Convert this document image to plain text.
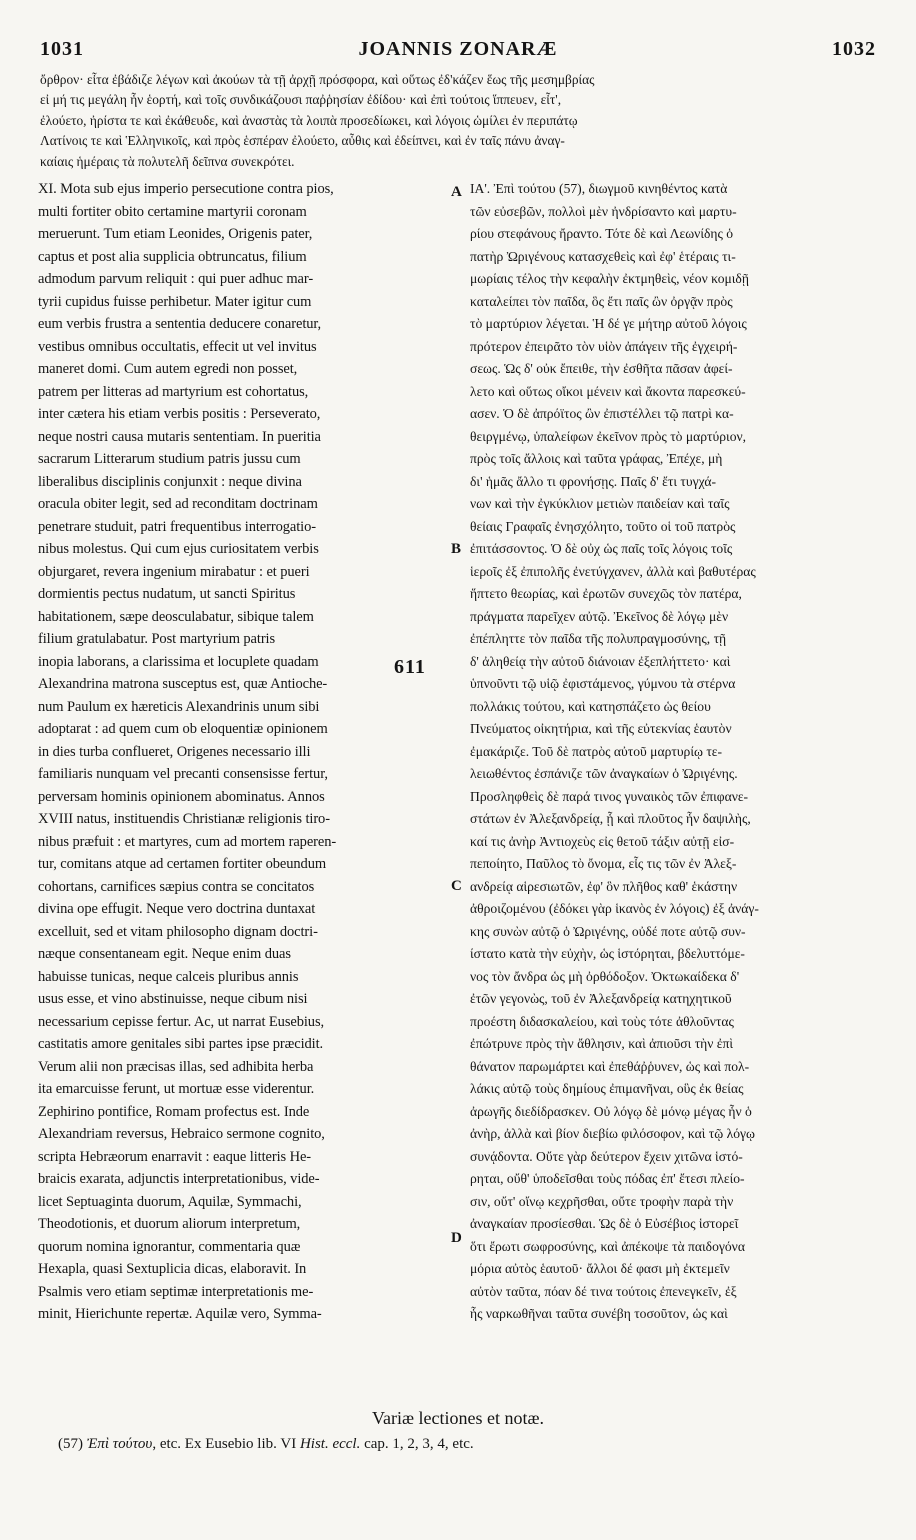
1031	JOANNIS ZONARÆ	1032
ὄρθρον· εἶτα ἐβάδιζε λέγων καὶ ἀκούων τὰ τῇ ἀρχῇ πρόσφορα, καὶ οὕτως ἐδ'κάζεν ἕως τῆς μεσημβρίας
εἰ μή τις μεγάλη ἦν ἑορτή, καὶ τοῖς συνδικάζουσι παῤῥησίαν ἐδίδου· καὶ ἐπὶ τούτοις ἵππευεν, εἶτ',
ἐλούετο, ἠρίστα τε καὶ ἐκάθευδε, καὶ ἀναστὰς τὰ λοιπὰ προσεδίωκει, καὶ λόγοις ὡμίλει ἐν περιπάτῳ
Λατίνοις τε καὶ Ἑλληνικοῖς, καὶ πρὸς ἑσπέραν ἐλούετο, αὖθις καὶ ἐδείπνει, καὶ ἐν ταῖς πάνυ ἀναγ-
καίαις ἡμέραις τὰ πολυτελῆ δεῖπνα συνεκρότει.
XI. Mota sub ejus imperio persecutione contra pios,
multi fortiter obito certamine martyrii coronam
meruerunt. Tum etiam Leonides, Origenis pater,
captus et post alia supplicia obtruncatus, filium
admodum parvum reliquit : qui puer adhuc mar-
tyrii cupidus fuisse perhibetur. Mater igitur cum
eum verbis frustra a sententia deducere conaretur,
vestibus omnibus occultatis, effecit ut vel invitus
maneret domi. Cum autem egredi non posset,
patrem per litteras ad martyrium est cohortatus,
inter cætera his etiam verbis positis : Perseverato,
neque nostri causa mutaris sententiam. In pueritia
sacrarum Litterarum studium patris jussu cum
liberalibus disciplinis conjunxit : neque divina
oracula obiter legit, sed ad reconditam doctrinam
penetrare studuit, patri frequentibus interrogatio-
nibus molestus. Qui cum ejus curiositatem verbis
objurgaret, revera ingenium mirabatur : et pueri
dormientis pectus nudatum, ut sancti Spiritus
habitationem, sæpe deosculabatur, sibique talem
filium gratulabatur. Post martyrium patris
inopia laborans, a clarissima et locuplete quadam
Alexandrina matrona susceptus est, quæ Antioche-
num Paulum ex hæreticis Alexandrinis unum sibi
adoptarat : ad quem cum ob eloquentiæ opinionem
in dies turba conflueret, Origenes necessario illi
familiaris nunquam vel precanti consensisse fertur,
perversam hominis opinionem abominatus. Annos
XVIII natus, instituendis Christianæ religionis tiro-
nibus præfuit : et martyres, cum ad mortem raperen-
tur, comitans atque ad certamen fortiter obeundum
cohortans, carnifices sæpius contra se concitatos
divina ope effugit. Neque vero doctrina duntaxat
excelluit, sed et vitam philosopho dignam doctri-
næque consentaneam egit. Neque enim duas
habuisse tunicas, neque calceis pluribus annis
usus esse, et vino abstinuisse, neque cibum nisi
necessarium cepisse fertur. Ac, ut narrat Eusebius,
castitatis amore genitales sibi partes ipse præcidit.
Verum alii non præcisas illas, sed adhibita herba
ita emarcuisse ferunt, ut mortuæ esse viderentur.
Zephirino pontifice, Romam profectus est. Inde
Alexandriam reversus, Hebraico sermone cognito,
scripta Hebræorum enarravit : eaque litteris He-
braicis exarata, adjunctis interpretationibus, vide-
licet Septuaginta duorum, Aquilæ, Symmachi,
Theodotionis, et duorum aliorum interpretum,
quorum nomina ignorantur, commentaria quæ
Hexapla, quasi Sextuplicia dicas, elaboravit. In
Psalmis vero etiam septimæ interpretationis me-
minit, Hierichunte repertæ. Aquilæ vero, Symma-
ΙΑ'. Ἐπὶ τούτου (57), διωγμοῦ κινηθέντος κατὰ
τῶν εὐσεβῶν, πολλοὶ μὲν ἠνδρίσαντο καὶ μαρτυ-
ρίου στεφάνους ἤραντο. Τότε δὲ καὶ Λεωνίδης ὁ
πατὴρ Ὠριγένους κατασχεθεὶς καὶ ἐφ' ἑτέραις τι-
μωρίαις τέλος τὴν κεφαλὴν ἐκτμηθεὶς, νέον κομιδῇ
καταλείπει τὸν παῖδα, ὃς ἔτι παῖς ὢν ὀργᾷν πρὸς
τὸ μαρτύριον λέγεται. Ἡ δέ γε μήτηρ αὐτοῦ λόγοις
πρότερον ἐπειρᾶτο τὸν υἱὸν ἀπάγειν τῆς ἐγχειρή-
σεως. Ὡς δ' οὐκ ἔπειθε, τὴν ἐσθῆτα πᾶσαν ἀφεί-
λετο καὶ οὕτως οἴκοι μένειν καὶ ἄκοντα παρεσκεύ-
ασεν. Ὁ δὲ ἀπρόϊτος ὢν ἐπιστέλλει τῷ πατρὶ κα-
θειργμένῳ, ὑπαλείφων ἐκεῖνον πρὸς τὸ μαρτύριον,
πρὸς τοῖς ἄλλοις καὶ ταῦτα γράφας, Ἐπέχε, μὴ
δι' ἡμᾶς ἄλλο τι φρονήσῃς. Παῖς δ' ἔτι τυγχά-
νων καὶ τὴν ἐγκύκλιον μετιὼν παιδείαν καὶ ταῖς
θείαις Γραφαῖς ἐνησχόλητο, τοῦτο οἱ τοῦ πατρὸς
ἐπιτάσσοντος. Ὁ δὲ οὐχ ὡς παῖς τοῖς λόγοις τοῖς
ἱεροῖς ἐξ ἐπιπολῆς ἐνετύγχανεν, ἀλλὰ καὶ βαθυτέρας
ἥπτετο θεωρίας, καὶ ἐρωτῶν συνεχῶς τὸν πατέρα,
πράγματα παρεῖχεν αὐτῷ. Ἐκεῖνος δὲ λόγῳ μὲν
ἐπέπληττε τὸν παῖδα τῆς πολυπραγμοσύνης, τῇ
δ' ἀληθείᾳ τὴν αὐτοῦ διάνοιαν ἐξεπλήττετο· καὶ
ὑπνοῦντι τῷ υἱῷ ἐφιστάμενος, γύμνου τὰ στέρνα
πολλάκις τούτου, καὶ κατησπάζετο ὡς θείου
Πνεύματος οἰκητήρια, καὶ τῆς εὐτεκνίας ἑαυτὸν
ἐμακάριζε. Τοῦ δὲ πατρὸς αὐτοῦ μαρτυρίῳ τε-
λειωθέντος ἐσπάνιζε τῶν ἀναγκαίων ὁ Ὠριγένης.
Προσληφθεὶς δὲ παρά τινος γυναικὸς τῶν ἐπιφανε-
στάτων ἐν Ἀλεξανδρείᾳ, ᾗ καὶ πλοῦτος ἦν δαψιλὴς,
καί τις ἀνὴρ Ἀντιοχεὺς εἰς θετοῦ τάξιν αὐτῇ εἰσ-
πεποίητο, Παῦλος τὸ ὄνομα, εἷς τις τῶν ἐν Ἀλεξ-
ανδρείᾳ αἱρεσιωτῶν, ἐφ' ὃν πλῆθος καθ' ἑκάστην
ἀθροιζομένου (ἐδόκει γὰρ ἱκανὸς ἐν λόγοις) ἐξ ἀνάγ-
κης συνὼν αὐτῷ ὁ Ὠριγένης, οὐδέ ποτε αὐτῷ συν-
ίστατο κατὰ τὴν εὐχὴν, ὡς ἱστόρηται, βδελυττόμε-
νος τὸν ἄνδρα ὡς μὴ ὀρθόδοξον. Ὀκτωκαίδεκα δ'
ἐτῶν γεγονὼς, τοῦ ἐν Ἀλεξανδρείᾳ κατηχητικοῦ
προέστη διδασκαλείου, καὶ τοὺς τότε ἀθλοῦντας
ἐπώτρυνε πρὸς τὴν ἄθλησιν, καὶ ἀπιοῦσι τὴν ἐπὶ
θάνατον παρωμάρτει καὶ ἐπεθάῤῥυνεν, ὡς καὶ πολ-
λάκις αὐτῷ τοὺς δημίους ἐπιμανῆναι, οὓς ἐκ θείας
ἀρωγῆς διεδίδρασκεν. Οὐ λόγῳ δὲ μόνῳ μέγας ἦν ὁ
ἀνὴρ, ἀλλὰ καὶ βίον διεβίω φιλόσοφον, καὶ τῷ λόγῳ
συνᾴδοντα. Οὔτε γὰρ δεύτερον ἔχειν χιτῶνα ἱστό-
ρηται, οὔθ' ὑποδεῖσθαι τοὺς πόδας ἐπ' ἔτεσι πλείο-
σιν, οὔτ' οἴνῳ κεχρῆσθαι, οὔτε τροφὴν παρὰ τὴν
ἀναγκαίαν προσίεσθαι. Ὡς δὲ ὁ Εὐσέβιος ἱστορεῖ
ὅτι ἔρωτι σωφροσύνης, καὶ ἀπέκοψε τὰ παιδογόνα
μόρια αὐτὸς ἑαυτοῦ· ἄλλοι δέ φασι μὴ ἐκτεμεῖν
αὐτὸν ταῦτα, πόαν δέ τινα τούτοις ἐπενεγκεῖν, ἐξ
ἧς ναρκωθῆναι ταῦτα συνέβη τοσοῦτον, ὡς καὶ
A
B
C
D
611
Variæ lectiones et notæ.
(57) Ἐπὶ τούτου, etc. Ex Eusebio lib. VI Hist. eccl. cap. 1, 2, 3, 4, etc.
